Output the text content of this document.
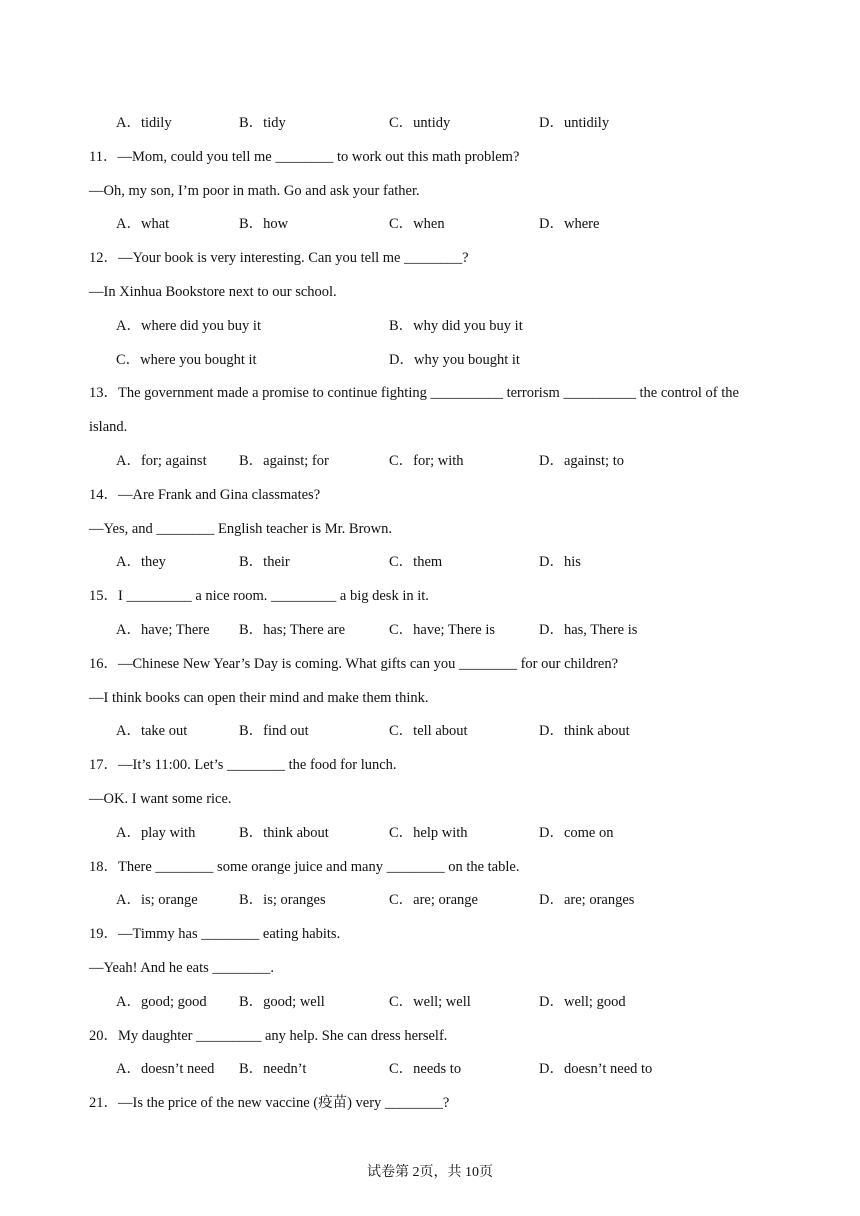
A．tidily	B．tidy	C．untidy	D．untidily
11．—Mom, could you tell me ________ to work out this math problem?
—Oh, my son, I’m poor in math. Go and ask your father.
A．what	B．how	C．when	D．where
12．—Your book is very interesting. Can you tell me ________?
—In Xinhua Bookstore next to our school.
A．where did you buy it	B．why did you buy it
C．where you bought it	D．why you bought it
13．The government made a promise to continue fighting __________ terrorism __________ the control of the
island.
A．for; against B．against; for	C．for; with	D．against; to
14．—Are Frank and Gina classmates?
—Yes, and ________ English teacher is Mr. Brown.
A．they	B．their	C．them	D．his
15．I _________ a nice room. _________ a big desk in it.
A．have; There B．has; There are	C．have; There is	D．has, There is
16．—Chinese New Year’s Day is coming. What gifts can you ________ for our children?
—I think books can open their mind and make them think.
A．take out	B．find out	C．tell about	D．think about
17．—It’s 11:00. Let’s ________ the food for lunch.
—OK. I want some rice.
A．play with	B．think about	C．help with	D．come on
18．There ________ some orange juice and many ________ on the table.
A．is; orange	B．is; oranges	C．are; orange	D．are; oranges
19．—Timmy has ________ eating habits.
—Yeah! And he eats ________.
A．good; good B．good; well	C．well; well	D．well; good
20．My daughter _________ any help. She can dress herself.
A．doesn’t need B．needn’t	C．needs to	D．doesn’t need to
21．—Is the price of the new vaccine (疫苗) very ________?
试卷第 2页，共 10页
